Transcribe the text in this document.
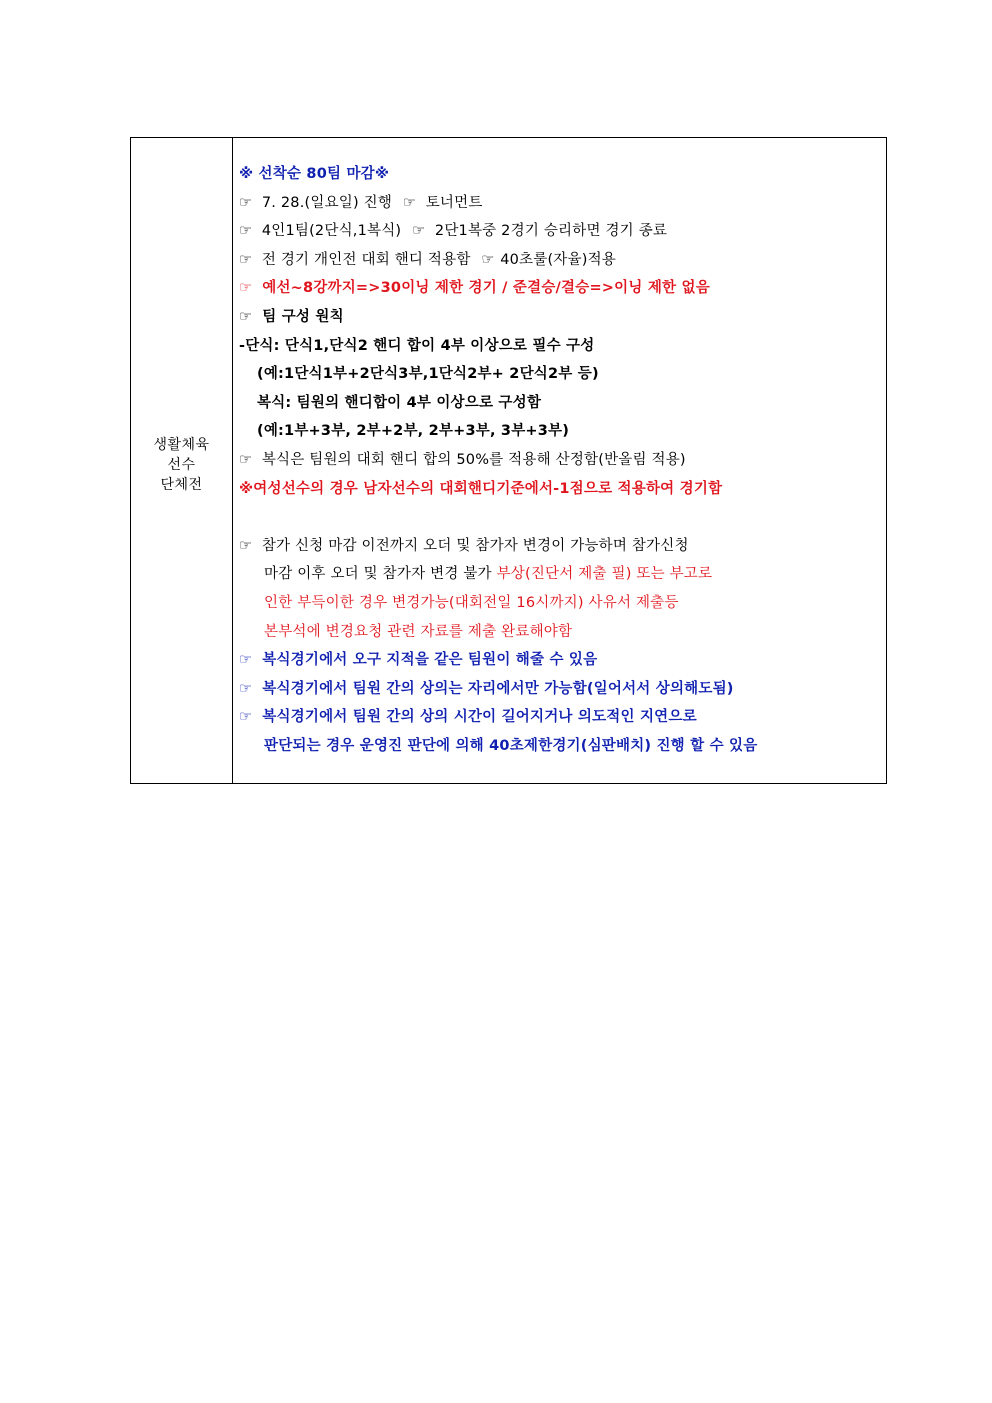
생활체육
선수
단체전
※ 선착순 80팀 마감※
☞ 7. 28.(일요일) 진행 ☞ 토너먼트
☞ 4인1팀(2단식,1복식) ☞ 2단1복중 2경기 승리하면 경기 종료
☞ 전 경기 개인전 대회 핸디 적용함 ☞ 40초룰(자율)적용
☞ 예선~8강까지=>30이닝 제한 경기 / 준결승/결승=>이닝 제한 없음
☞ 팀 구성 원칙
-단식: 단식1,단식2 핸디 합이 4부 이상으로 필수 구성
(예:1단식1부+2단식3부,1단식2부+ 2단식2부 등)
복식: 팀원의 핸디합이 4부 이상으로 구성함
(예:1부+3부, 2부+2부, 2부+3부, 3부+3부)
☞ 복식은 팀원의 대회 핸디 합의 50%를 적용해 산정함(반올림 적용)
※여성선수의 경우 남자선수의 대회핸디기준에서-1점으로 적용하여 경기함
☞ 참가 신청 마감 이전까지 오더 및 참가자 변경이 가능하며 참가신청
마감 이후 오더 및 참가자 변경 불가 부상(진단서 제출 필) 또는 부고로
인한 부득이한 경우 변경가능(대회전일 16시까지) 사유서 제출등
본부석에 변경요청 관련 자료를 제출 완료해야함
☞ 복식경기에서 오구 지적을 같은 팀원이 해줄 수 있음
☞ 복식경기에서 팀원 간의 상의는 자리에서만 가능함(일어서서 상의해도됨)
☞ 복식경기에서 팀원 간의 상의 시간이 길어지거나 의도적인 지연으로
판단되는 경우 운영진 판단에 의해 40초제한경기(심판배치) 진행 할 수 있음
